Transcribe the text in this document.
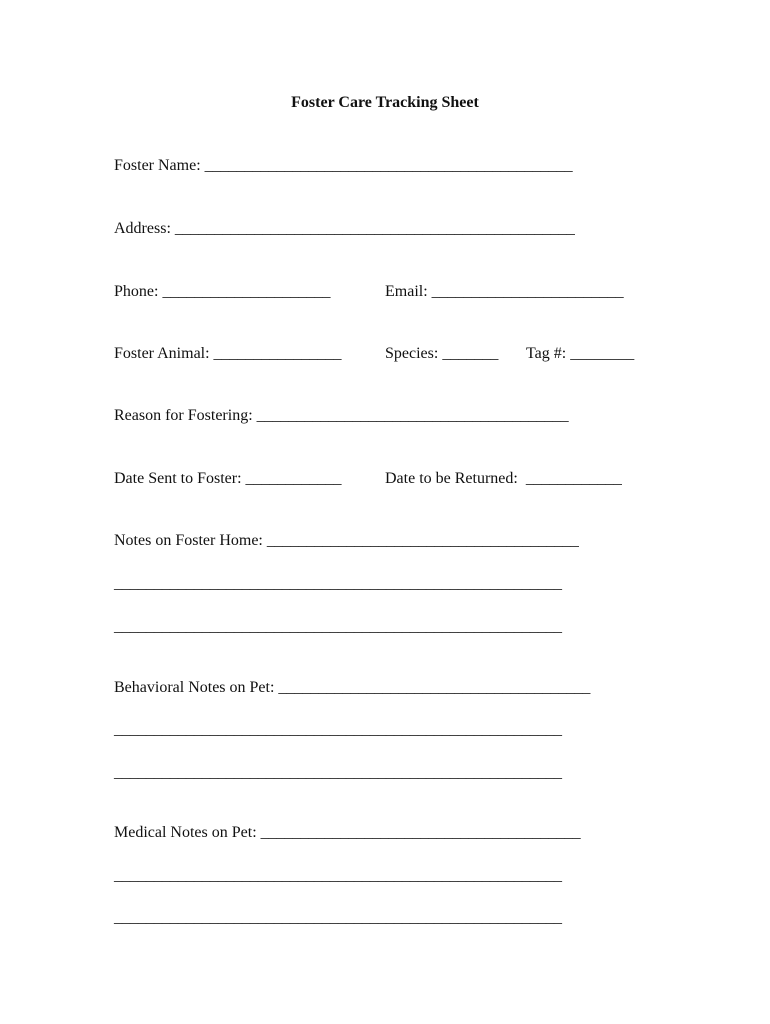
Foster Care Tracking Sheet
Foster Name: ______________________________________________
Address: __________________________________________________
Phone: _____________________	Email: ________________________
Foster Animal: ________________	Species: _______ Tag #: ________
Reason for Fostering: _______________________________________
Date Sent to Foster: ____________	Date to be Returned:  ____________
Notes on Foster Home: _______________________________________
________________________________________________________
________________________________________________________
Behavioral Notes on Pet: _______________________________________
________________________________________________________
________________________________________________________
Medical Notes on Pet: ________________________________________
________________________________________________________
________________________________________________________
